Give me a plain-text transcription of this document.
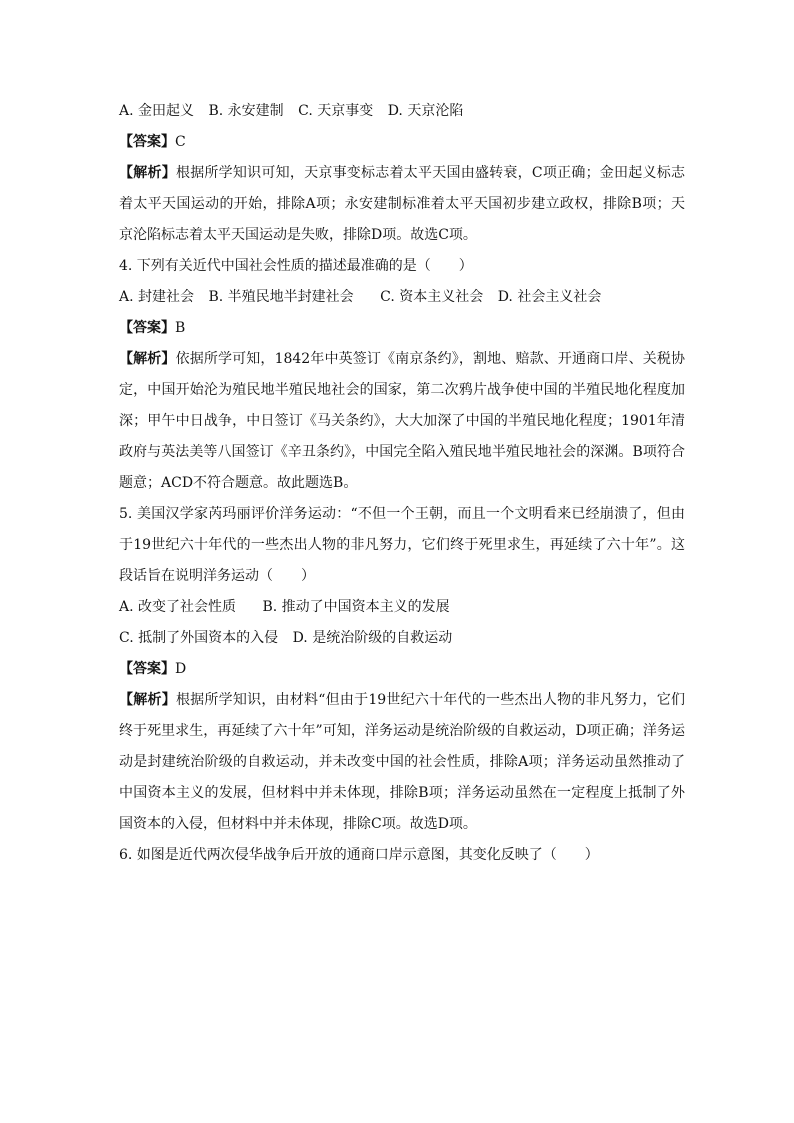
A. 金田起义 B. 永安建制 C. 天京事变 D. 天京沦陷
【答案】C

【解析】根据所学知识可知，天京事变标志着太平天国由盛转衰，C项正确；金田起义标志着太平天国运动的开始，排除A项；永安建制标准着太平天国初步建立政权，排除B项；天京沦陷标志着太平天国运动是失败，排除D项。故选C项。

4. 下列有关近代中国社会性质的描述最准确的是（　　）
A. 封建社会 B. 半殖民地半封建社会 C. 资本主义社会 D. 社会主义社会
【答案】B

【解析】依据所学可知，1842年中英签订《南京条约》，割地、赔款、开通商口岸、关税协定，中国开始沦为殖民地半殖民地社会的国家，第二次鸦片战争使中国的半殖民地化程度加深；甲午中日战争，中日签订《马关条约》，大大加深了中国的半殖民地化程度；1901年清政府与英法美等八国签订《辛丑条约》，中国完全陷入殖民地半殖民地社会的深渊。B项符合题意；ACD不符合题意。故此题选B。

5. 美国汉学家芮玛丽评价洋务运动：“不但一个王朝，而且一个文明看来已经崩溃了，但由于19世纪六十年代的一些杰出人物的非凡努力，它们终于死里求生，再延续了六十年”。这段话旨在说明洋务运动（　　）

A. 改变了社会性质 B. 推动了中国资本主义的发展
C. 抵制了外国资本的入侵 D. 是统治阶级的自救运动
【答案】D

【解析】根据所学知识，由材料“但由于19世纪六十年代的一些杰出人物的非凡努力，它们终于死里求生，再延续了六十年”可知，洋务运动是统治阶级的自救运动，D项正确；洋务运动是封建统治阶级的自救运动，并未改变中国的社会性质，排除A项；洋务运动虽然推动了中国资本主义的发展，但材料中并未体现，排除B项；洋务运动虽然在一定程度上抵制了外国资本的入侵，但材料中并未体现，排除C项。故选D项。

6. 如图是近代两次侵华战争后开放的通商口岸示意图，其变化反映了（　　）
